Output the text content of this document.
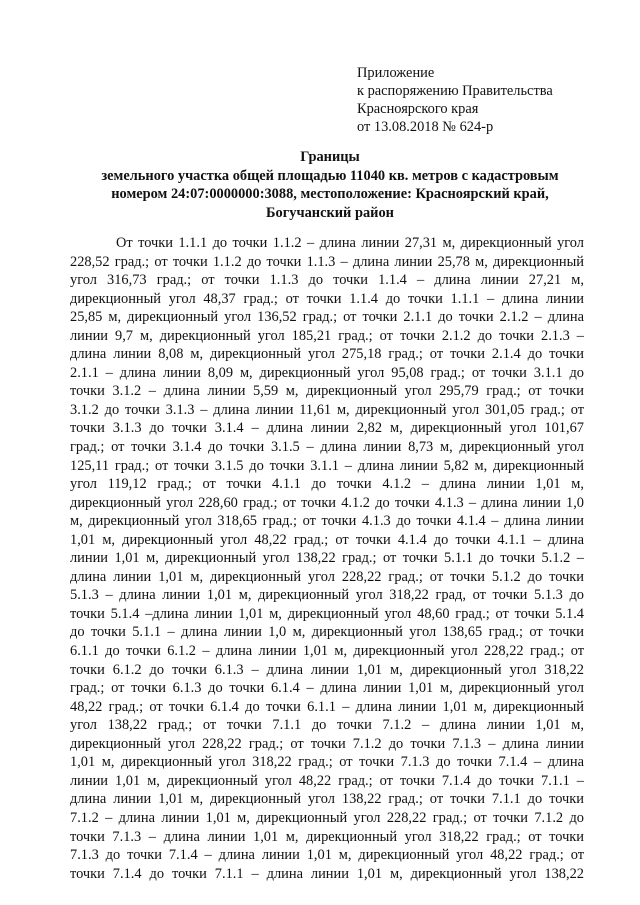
Приложение
к распоряжению Правительства
Красноярского края
от 13.08.2018 № 624-р
Границы
земельного участка общей площадью 11040 кв. метров с кадастровым
номером 24:07:0000000:3088, местоположение: Красноярский край,
Богучанский район
От точки 1.1.1 до точки 1.1.2 – длина линии 27,31 м, дирекционный угол
228,52 град.; от точки 1.1.2 до точки 1.1.3 – длина линии 25,78 м, дирекционный
угол 316,73 град.; от точки 1.1.3 до точки 1.1.4 – длина линии 27,21 м,
дирекционный угол 48,37 град.; от точки 1.1.4 до точки 1.1.1 – длина линии
25,85 м, дирекционный угол 136,52 град.; от точки 2.1.1 до точки 2.1.2 – длина
линии 9,7 м, дирекционный угол 185,21 град.; от точки 2.1.2 до точки 2.1.3 –
длина линии 8,08 м, дирекционный угол 275,18 град.; от точки 2.1.4 до точки
2.1.1 – длина линии 8,09 м, дирекционный угол 95,08 град.; от точки 3.1.1 до
точки 3.1.2 – длина линии 5,59 м, дирекционный угол 295,79 град.; от точки
3.1.2 до точки 3.1.3 – длина линии 11,61 м, дирекционный угол 301,05 град.; от
точки 3.1.3 до точки 3.1.4 – длина линии 2,82 м, дирекционный угол 101,67
град.; от точки 3.1.4 до точки 3.1.5 – длина линии 8,73 м, дирекционный угол
125,11 град.; от точки 3.1.5 до точки 3.1.1 – длина линии 5,82 м, дирекционный
угол 119,12 град.; от точки 4.1.1 до точки 4.1.2 – длина линии 1,01 м,
дирекционный угол 228,60 град.; от точки 4.1.2 до точки 4.1.3 – длина линии 1,0
м, дирекционный угол 318,65 град.; от точки 4.1.3 до точки 4.1.4 – длина линии
1,01 м, дирекционный угол 48,22 град.; от точки 4.1.4 до точки 4.1.1 – длина
линии 1,01 м, дирекционный угол 138,22 град.; от точки 5.1.1 до точки 5.1.2 –
длина линии 1,01 м, дирекционный угол 228,22 град.; от точки 5.1.2 до точки
5.1.3 – длина линии 1,01 м, дирекционный угол 318,22 град, от точки 5.1.3 до
точки 5.1.4 –длина линии 1,01 м, дирекционный угол 48,60 град.; от точки 5.1.4
до точки 5.1.1 – длина линии 1,0 м, дирекционный угол 138,65 град.; от точки
6.1.1 до точки 6.1.2 – длина линии 1,01 м, дирекционный угол 228,22 град.; от
точки 6.1.2 до точки 6.1.3 – длина линии 1,01 м, дирекционный угол 318,22
град.; от точки 6.1.3 до точки 6.1.4 – длина линии 1,01 м, дирекционный угол
48,22 град.; от точки 6.1.4 до точки 6.1.1 – длина линии 1,01 м, дирекционный
угол 138,22 град.; от точки 7.1.1 до точки 7.1.2 – длина линии 1,01 м,
дирекционный угол 228,22 град.; от точки 7.1.2 до точки 7.1.3 – длина линии
1,01 м, дирекционный угол 318,22 град.; от точки 7.1.3 до точки 7.1.4 – длина
линии 1,01 м, дирекционный угол 48,22 град.; от точки 7.1.4 до точки 7.1.1 –
длина линии 1,01 м, дирекционный угол 138,22 град.; от точки 7.1.1 до точки
7.1.2 – длина линии 1,01 м, дирекционный угол 228,22 град.; от точки 7.1.2 до
точки 7.1.3 – длина линии 1,01 м, дирекционный угол 318,22 град.; от точки
7.1.3 до точки 7.1.4 – длина линии 1,01 м, дирекционный угол 48,22 град.; от
точки 7.1.4 до точки 7.1.1 – длина линии 1,01 м, дирекционный угол 138,22
